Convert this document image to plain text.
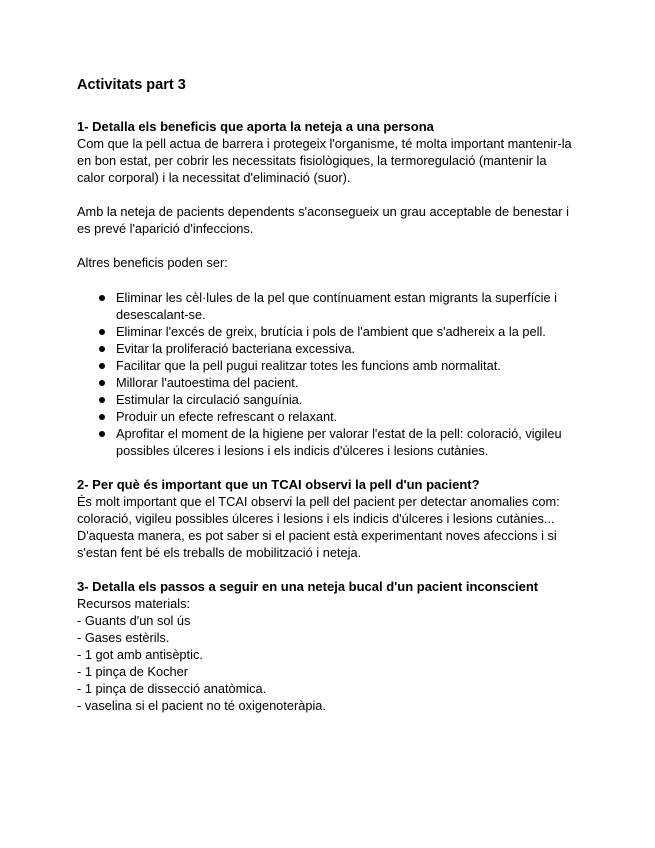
Activitats part 3

1- Detalla els beneficis que aporta la neteja a una persona

Com que la pell actua de barrera i protegeix l'organisme, té molta important mantenir-la en bon estat, per cobrir les necessitats fisiològiques, la termoregulació (mantenir la calor corporal) i la necessitat d'eliminació (suor).

Amb la neteja de pacients dependents s'aconsegueix un grau acceptable de benestar i es prevé l'aparició d'infeccions.

Altres beneficis poden ser:

Eliminar les cèl·lules de la pel que contínuament estan migrants la superfície i desescalant-se.
Eliminar l'excés de greix, brutícia i pols de l'ambient que s'adhereix a la pell.
Evitar la proliferació bacteriana excessiva.
Facilitar que la pell pugui realitzar totes les funcions amb normalitat.
Millorar l'autoestima del pacient.
Estimular la circulació sanguínia.
Produir un efecte refrescant o relaxant.
Aprofitar el moment de la higiene per valorar l'estat de la pell: coloració, vigileu possibles úlceres i lesions i els indicis d'úlceres i lesions cutànies.

2- Per què és important que un TCAI observi la pell d'un pacient?

És molt important que el TCAI observi la pell del pacient per detectar anomalies com: coloració, vigileu possibles úlceres i lesions i els indicis d'úlceres i lesions cutànies... D'aquesta manera, es pot saber si el pacient està experimentant noves afeccions i si s'estan fent bé els treballs de mobilització i neteja.

3- Detalla els passos a seguir en una neteja bucal d'un pacient inconscient

Recursos materials:

- Guants d'un sol ús

- Gases estèrils.

- 1 got amb antisèptic.

- 1 pinça de Kocher

- 1 pinça de dissecció anatòmica.

- vaselina si el pacient no té oxigenoteràpia.
